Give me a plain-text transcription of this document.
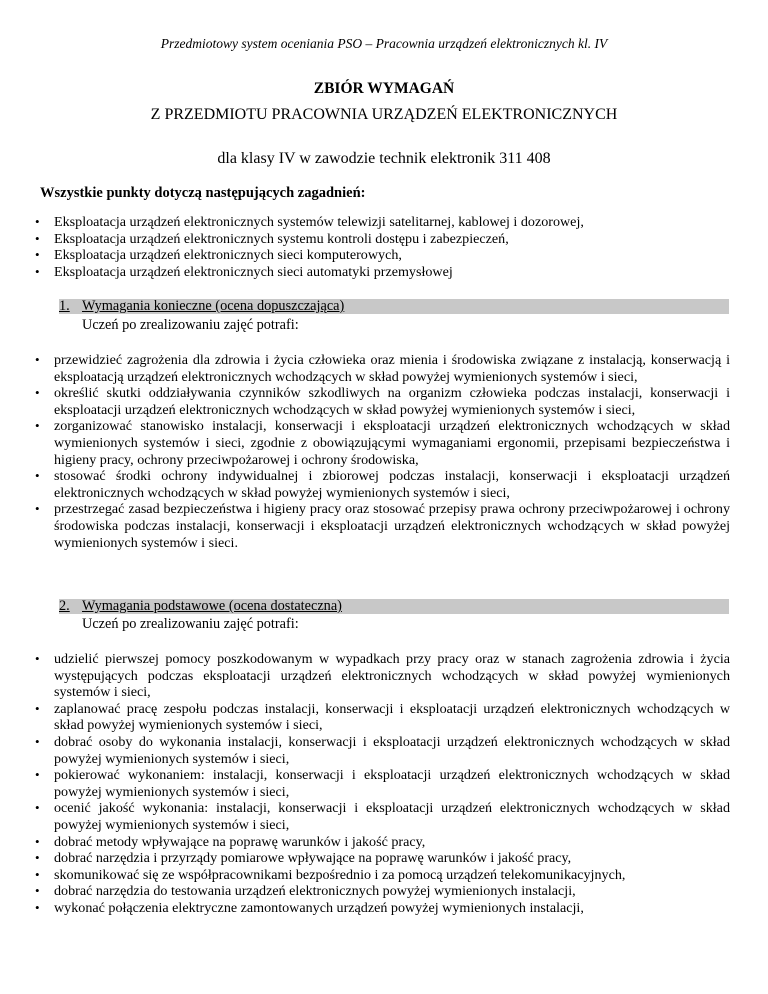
Przedmiotowy system oceniania PSO – Pracownia urządzeń elektronicznych kl. IV
ZBIÓR WYMAGAŃ
Z PRZEDMIOTU PRACOWNIA URZĄDZEŃ ELEKTRONICZNYCH
dla klasy IV w zawodzie technik elektronik 311 408
Wszystkie punkty dotyczą następujących zagadnień:
• Eksploatacja urządzeń elektronicznych systemów telewizji satelitarnej, kablowej i dozorowej,
• Eksploatacja urządzeń elektronicznych systemu kontroli dostępu i zabezpieczeń,
• Eksploatacja urządzeń elektronicznych sieci komputerowych,
• Eksploatacja urządzeń elektronicznych sieci automatyki przemysłowej
1. Wymagania konieczne (ocena dopuszczająca)
Uczeń po zrealizowaniu zajęć potrafi:
• przewidzieć zagrożenia dla zdrowia i życia człowieka oraz mienia i środowiska związane z instalacją, konserwacją i eksploatacją urządzeń elektronicznych wchodzących w skład powyżej wymienionych systemów i sieci,
• określić skutki oddziaływania czynników szkodliwych na organizm człowieka podczas instalacji, konserwacji i eksploatacji urządzeń elektronicznych wchodzących w skład powyżej wymienionych systemów i sieci,
• zorganizować stanowisko instalacji, konserwacji i eksploatacji urządzeń elektronicznych wchodzących w skład wymienionych systemów i sieci, zgodnie z obowiązującymi wymaganiami ergonomii, przepisami bezpieczeństwa i higieny pracy, ochrony przeciwpożarowej i ochrony środowiska,
• stosować środki ochrony indywidualnej i zbiorowej podczas instalacji, konserwacji i eksploatacji urządzeń elektronicznych wchodzących w skład powyżej wymienionych systemów i sieci,
• przestrzegać zasad bezpieczeństwa i higieny pracy oraz stosować przepisy prawa ochrony przeciwpożarowej i ochrony środowiska podczas instalacji, konserwacji i eksploatacji urządzeń elektronicznych wchodzących w skład powyżej wymienionych systemów i sieci.
2. Wymagania podstawowe (ocena dostateczna)
Uczeń po zrealizowaniu zajęć potrafi:
• udzielić pierwszej pomocy poszkodowanym w wypadkach przy pracy oraz w stanach zagrożenia zdrowia i życia występujących podczas eksploatacji urządzeń elektronicznych wchodzących w skład powyżej wymienionych systemów i sieci,
• zaplanować pracę zespołu podczas instalacji, konserwacji i eksploatacji urządzeń elektronicznych wchodzących w skład powyżej wymienionych systemów i sieci,
• dobrać osoby do wykonania instalacji, konserwacji i eksploatacji urządzeń elektronicznych wchodzących w skład powyżej wymienionych systemów i sieci,
• pokierować wykonaniem: instalacji, konserwacji i eksploatacji urządzeń elektronicznych wchodzących w skład powyżej wymienionych systemów i sieci,
• ocenić jakość wykonania: instalacji, konserwacji i eksploatacji urządzeń elektronicznych wchodzących w skład powyżej wymienionych systemów i sieci,
• dobrać metody wpływające na poprawę warunków i jakość pracy,
• dobrać narzędzia i przyrządy pomiarowe wpływające na poprawę warunków i jakość pracy,
• skomunikować się ze współpracownikami bezpośrednio i za pomocą urządzeń telekomunikacyjnych,
• dobrać narzędzia do testowania urządzeń elektronicznych powyżej wymienionych instalacji,
• wykonać połączenia elektryczne zamontowanych urządzeń powyżej wymienionych instalacji,
